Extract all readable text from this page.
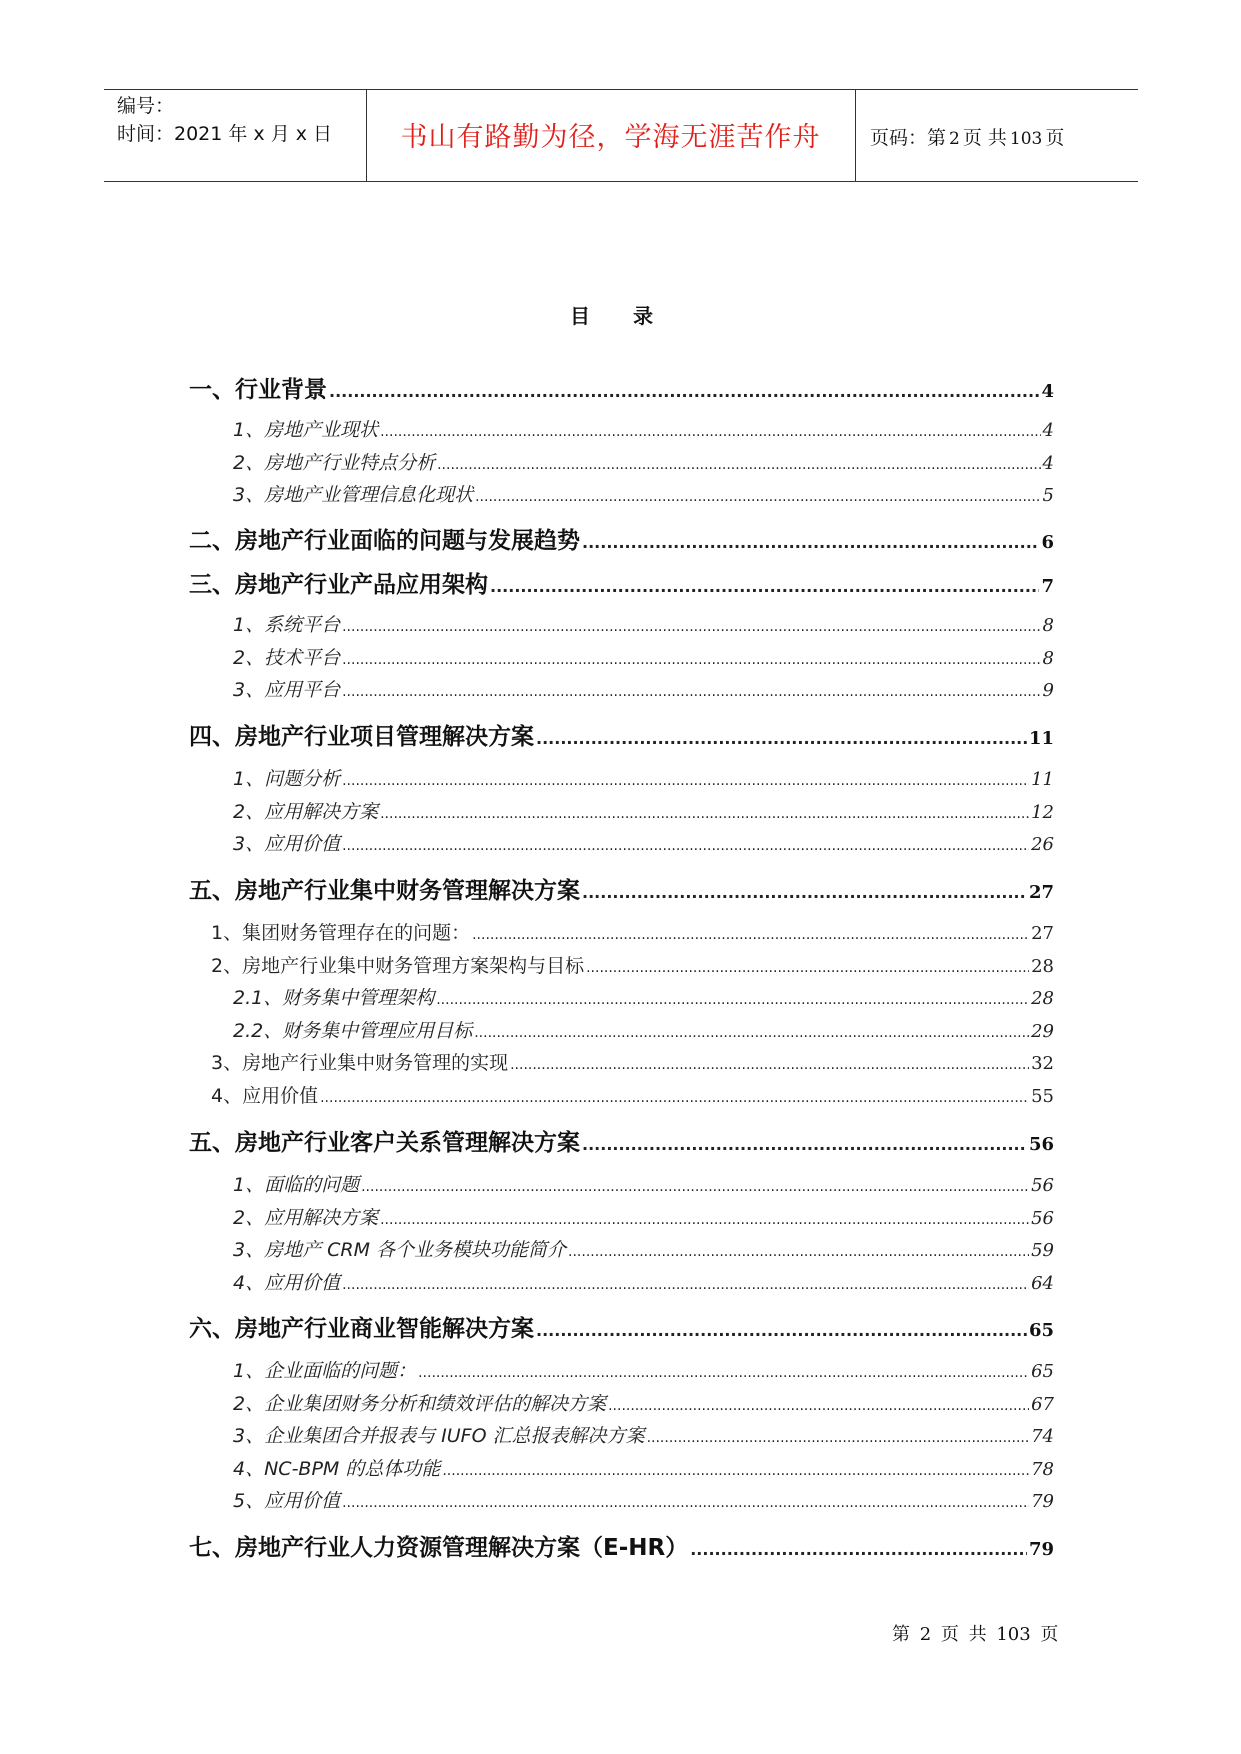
编号：
时间：2021 年 x 月 x 日	书山有路勤为径，学海无涯苦作舟	页码：第 2 页 共 103 页
目 录
一、行业背景 .....	4
1、房地产业现状 .....	4
2、房地产行业特点分析 .....	4
3、房地产业管理信息化现状 .....	5
二、房地产行业面临的问题与发展趋势 .....	6
三、房地产行业产品应用架构 .....	7
1、系统平台 .....	8
2、技术平台 .....	8
3、应用平台 .....	9
四、房地产行业项目管理解决方案 .....	11
1、问题分析 .....	11
2、应用解决方案 .....	12
3、应用价值 .....	26
五、房地产行业集中财务管理解决方案 .....	27
1、集团财务管理存在的问题： .....	27
2、房地产行业集中财务管理方案架构与目标 .....	28
2.1、财务集中管理架构 .....	28
2.2、财务集中管理应用目标 .....	29
3、房地产行业集中财务管理的实现 .....	32
4、应用价值 .....	55
五、房地产行业客户关系管理解决方案 .....	56
1、面临的问题 .....	56
2、应用解决方案 .....	56
3、房地产 CRM 各个业务模块功能简介 .....	59
4、应用价值 .....	64
六、房地产行业商业智能解决方案 .....	65
1、企业面临的问题： .....	65
2、企业集团财务分析和绩效评估的解决方案 .....	67
3、企业集团合并报表与 IUFO 汇总报表解决方案 .....	74
4、NC-BPM 的总体功能 .....	78
5、应用价值 .....	79
七、房地产行业人力资源管理解决方案（E-HR） .....	79
第 2 页 共 103 页
